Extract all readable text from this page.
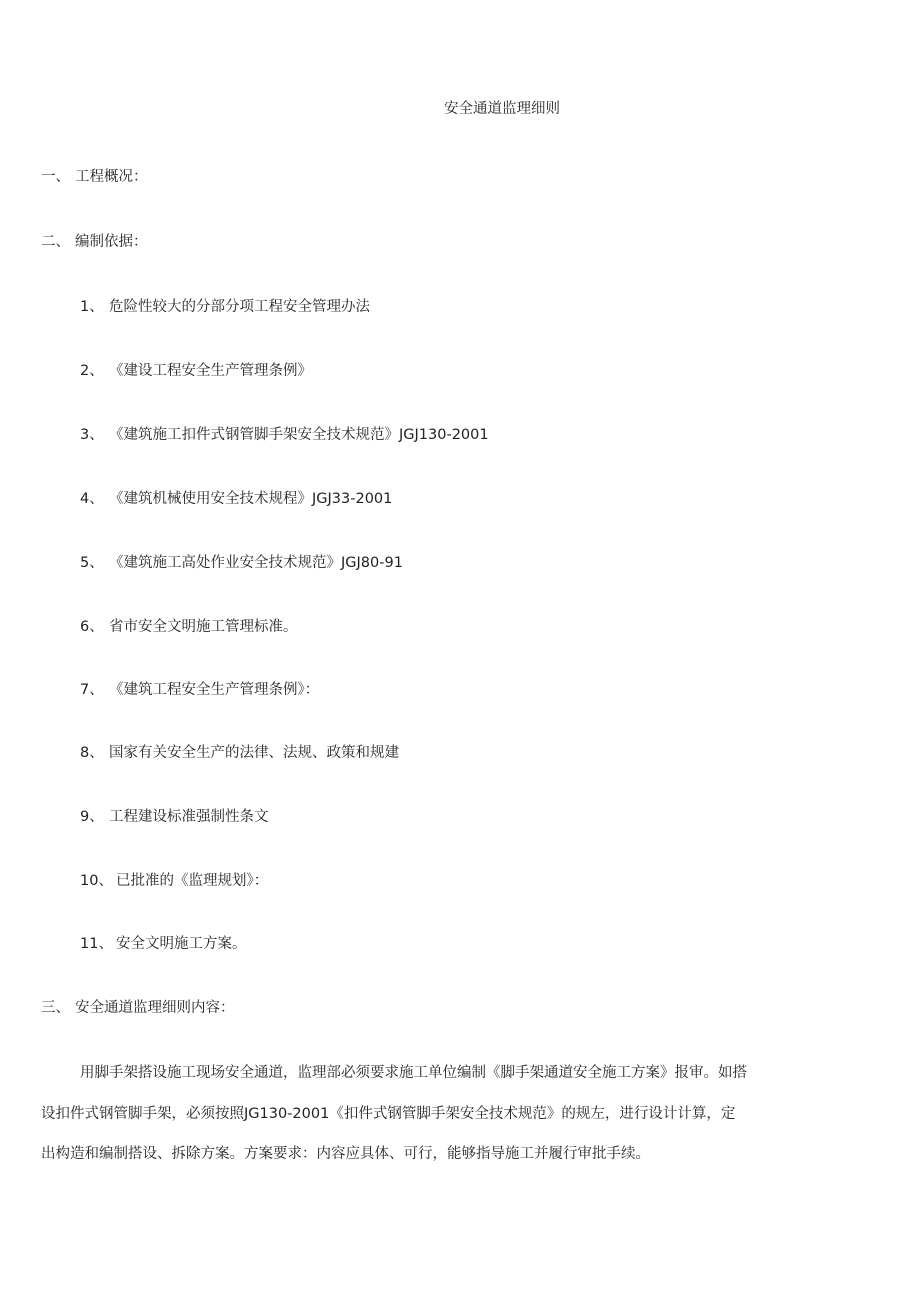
安全通道监理细则
一、 工程概况：
二、 编制依据：
1、 危险性较大的分部分项工程安全管理办法
2、 《建设工程安全生产管理条例》
3、 《建筑施工扣件式钢管脚手架安全技术规范》JGJ130-2001
4、 《建筑机械使用安全技术规程》JGJ33-2001
5、 《建筑施工高处作业安全技术规范》JGJ80-91
6、 省市安全文明施工管理标准。
7、 《建筑工程安全生产管理条例》：
8、 国家有关安全生产的法律、法规、政策和规建
9、 工程建设标准强制性条文
10、 已批准的《监理规划》：
11、 安全文明施工方案。
三、 安全通道监理细则内容：
用脚手架搭设施工现场安全通道，监理部必须要求施工单位编制《脚手架通道安全施工方案》报审。如搭
设扣件式钢管脚手架，必须按照JG130-2001《扣件式钢管脚手架安全技术规范》的规左，进行设计计算，定
出构造和编制搭设、拆除方案。方案要求：内容应具体、可行，能够指导施工并履行审批手续。
